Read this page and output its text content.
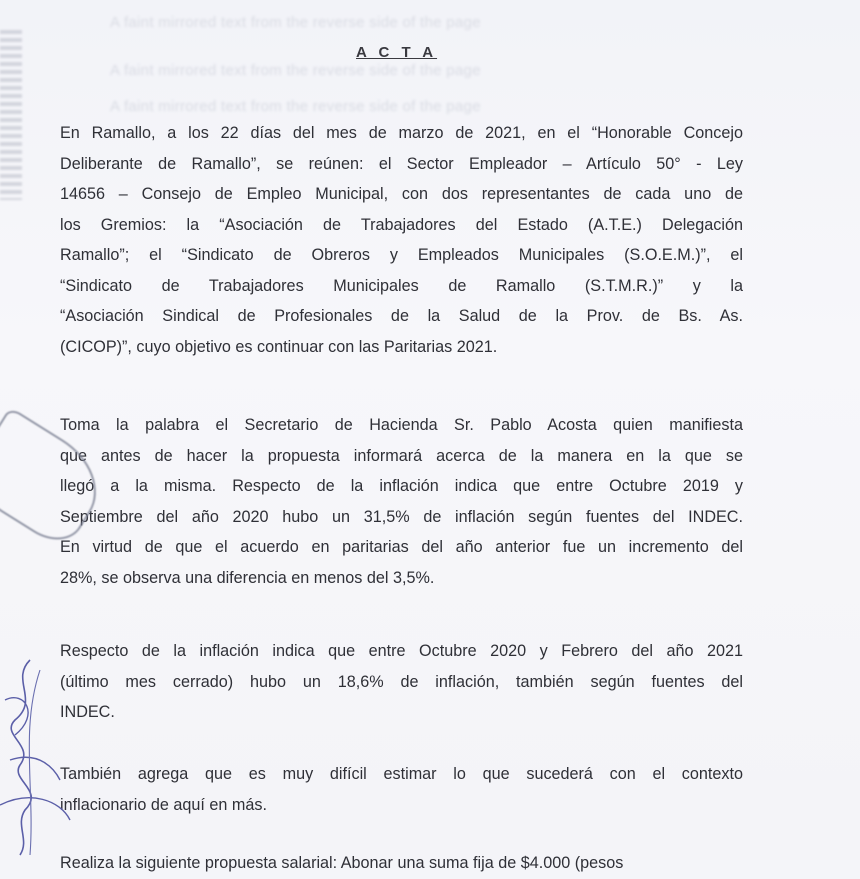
A faint mirrored text from the reverse side of the page
A faint mirrored text from the reverse side of the page
A faint mirrored text from the reverse side of the page
A C T A
En Ramallo, a los 22 días del mes de marzo de 2021, en el “Honorable Concejo
Deliberante de Ramallo”, se reúnen: el Sector Empleador – Artículo 50° - Ley
14656 – Consejo de Empleo Municipal, con dos representantes de cada uno de
los Gremios: la “Asociación de Trabajadores del Estado (A.T.E.) Delegación
Ramallo”; el “Sindicato de Obreros y Empleados Municipales (S.O.E.M.)”, el
“Sindicato de Trabajadores Municipales de Ramallo (S.T.M.R.)” y la
“Asociación Sindical de Profesionales de la Salud de la Prov. de Bs. As.
(CICOP)”, cuyo objetivo es continuar con las Paritarias 2021.
Toma la palabra el Secretario de Hacienda Sr. Pablo Acosta quien manifiesta
que antes de hacer la propuesta informará acerca de la manera en la que se
llegó a la misma. Respecto de la inflación indica que entre Octubre 2019 y
Septiembre del año 2020 hubo un 31,5% de inflación según fuentes del INDEC.
En virtud de que el acuerdo en paritarias del año anterior fue un incremento del
28%, se observa una diferencia en menos del 3,5%.
Respecto de la inflación indica que entre Octubre 2020 y Febrero del año 2021
(último mes cerrado) hubo un 18,6% de inflación, también según fuentes del
INDEC.
También agrega que es muy difícil estimar lo que sucederá con el contexto
inflacionario de aquí en más.
Realiza la siguiente propuesta salarial: Abonar una suma fija de $4.000 (pesos
